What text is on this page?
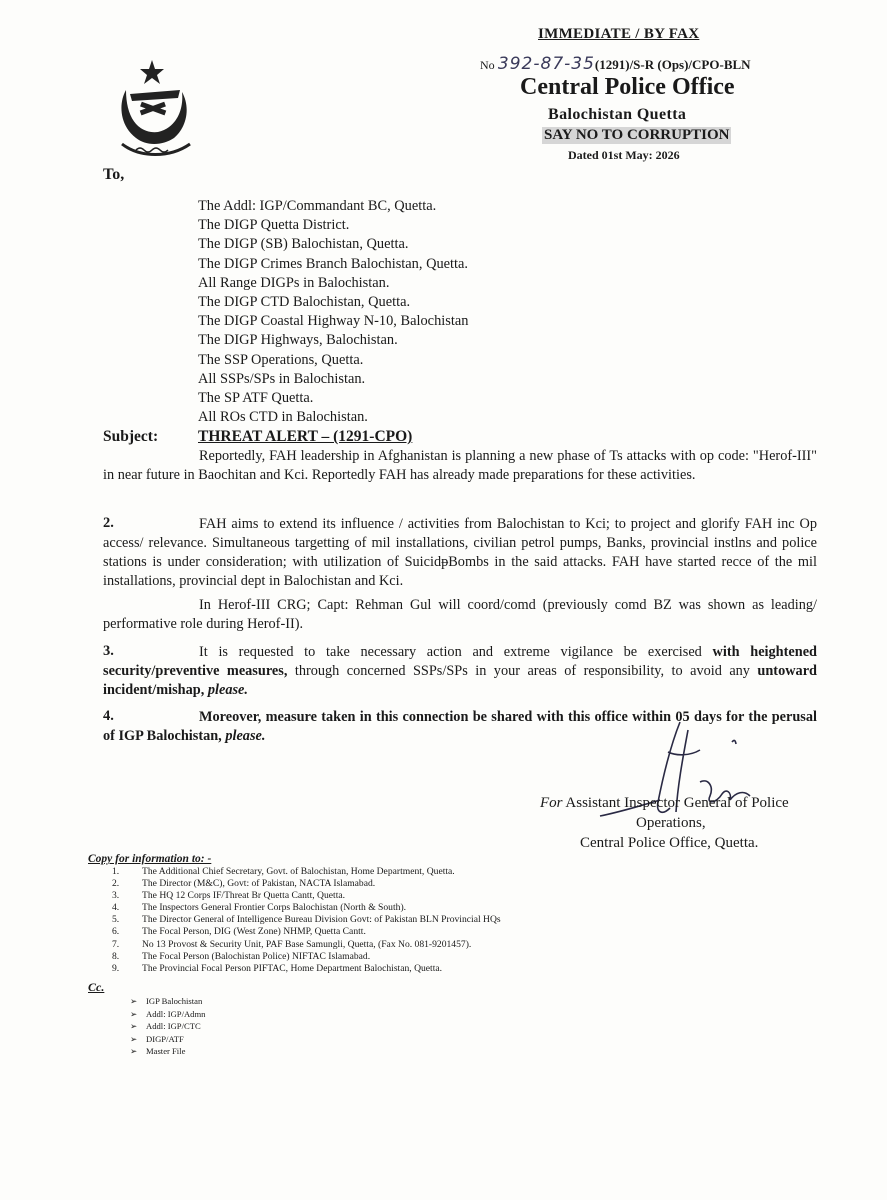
IMMEDIATE / BY FAX
No 392-87-35(1291)/S-R (Ops)/CPO-BLN
Central Police Office
Balochistan Quetta
SAY NO TO CORRUPTION
Dated 01st May: 2026
To,
The Addl: IGP/Commandant BC, Quetta.
The DIGP Quetta District.
The DIGP (SB) Balochistan, Quetta.
The DIGP Crimes Branch Balochistan, Quetta.
All Range DIGPs in Balochistan.
The DIGP CTD Balochistan, Quetta.
The DIGP Coastal Highway N-10, Balochistan
The DIGP Highways, Balochistan.
The SSP Operations, Quetta.
All SSPs/SPs in Balochistan.
The SP ATF Quetta.
All ROs CTD in Balochistan.
Subject:	THREAT ALERT – (1291-CPO)
Reportedly, FAH leadership in Afghanistan is planning a new phase of Ts attacks with op code: "Herof-III" in near future in Baochitan and Kci. Reportedly FAH has already made preparations for these activities.
2.	FAH aims to extend its influence / activities from Balochistan to Kci; to project and glorify FAH inc Op access/ relevance. Simultaneous targetting of mil installations, civilian petrol pumps, Banks, provincial instlns and police stations is under consideration; with utilization of SuicidᵽBombs in the said attacks. FAH have started recce of the mil installations, provincial dept in Balochistan and Kci.
In Herof-III CRG; Capt: Rehman Gul will coord/comd (previously comd BZ was shown as leading/ performative role during Herof-II).
3.	It is requested to take necessary action and extreme vigilance be exercised with heightened security/preventive measures, through concerned SSPs/SPs in your areas of responsibility, to avoid any untoward incident/mishap, please.
4.	Moreover, measure taken in this connection be shared with this office within 05 days for the perusal of IGP Balochistan, please.
For Assistant Inspector General of Police
Operations,
Central Police Office, Quetta.
Copy for information to: -
1. The Additional Chief Secretary, Govt. of Balochistan, Home Department, Quetta.
2. The Director (M&C), Govt: of Pakistan, NACTA Islamabad.
3. The HQ 12 Corps IF/Threat Br Quetta Cantt, Quetta.
4. The Inspectors General Frontier Corps Balochistan (North & South).
5. The Director General of Intelligence Bureau Division Govt: of Pakistan BLN Provincial HQs
6. The Focal Person, DIG (West Zone) NHMP, Quetta Cantt.
7. No 13 Provost & Security Unit, PAF Base Samungli, Quetta, (Fax No. 081-9201457).
8. The Focal Person (Balochistan Police) NIFTAC Islamabad.
9. The Provincial Focal Person PIFTAC, Home Department Balochistan, Quetta.
Cc.
➢ IGP Balochistan
➢ Addl: IGP/Admn
➢ Addl: IGP/CTC
➢ DIGP/ATF
➢ Master File
